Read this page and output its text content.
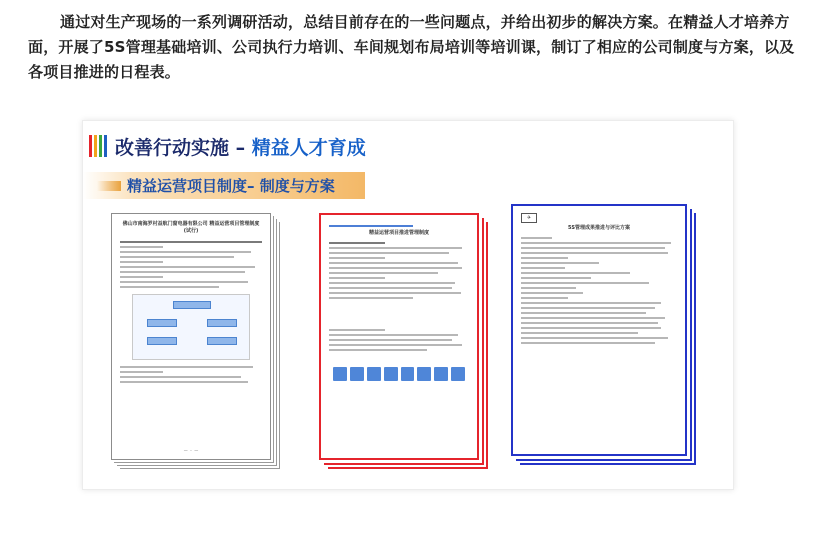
通过对生产现场的一系列调研活动，总结目前存在的一些问题点，并给出初步的解决方案。在精益人才培养方面，开展了5S管理基础培训、公司执行力培训、车间规划布局培训等培训课，制订了相应的公司制度与方案，以及各项目推进的日程表。
改善行动实施 – 精益人才育成
精益运营项目制度– 制度与方案
佛山市南海罗村益航门窗电器有限公司 精益运营项目管理制度(试行)
— ・ —
精益运营项目推进管理制度
✈
5S管理成果推进与评比方案
